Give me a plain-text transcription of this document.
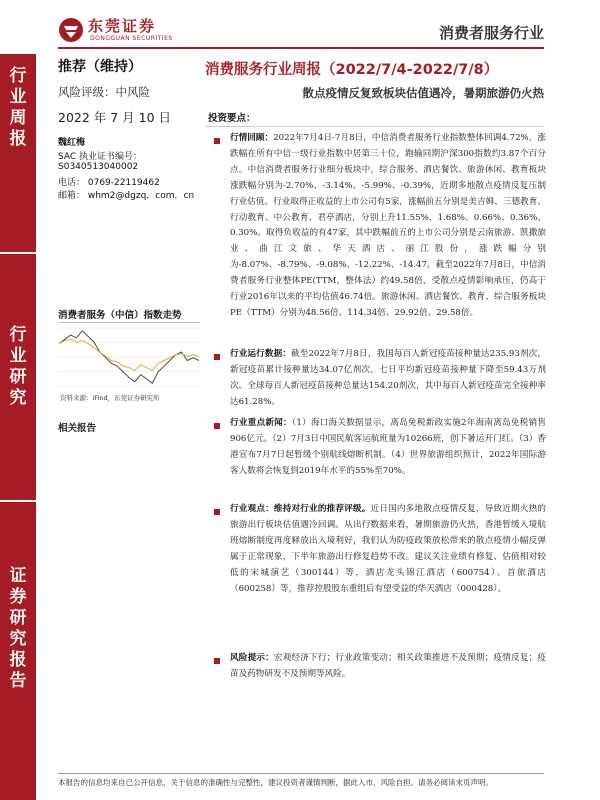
东莞证券
DONGGUAN SECURITIES	消费者服务行业
行业周报
行业研究
证券研究报告
推荐（维持）
风险评级：中风险
2022 年 7 月 10 日
魏红梅
SAC 执业证书编号：
S0340513040002
电话： 0769-22119462
邮箱： whm2@dgzq．com．cn
消费者服务（中信）指数走势
资料来源：iFind，东莞证券研究所
相关报告
消费服务行业周报（2022/7/4-2022/7/8）
散点疫情反复致板块估值遇冷，暑期旅游仍火热
投资要点：
行情回顾：2022年7月4日-7月8日，中信消费者服务行业指数整体回调4.72%，涨跌幅在所有中信一级行业指数中居第三十位，跑输同期沪深300指数约3.87个百分点。中信消费者服务行业细分板块中，综合服务、酒店餐饮、旅游休闲、教育板块涨跌幅分别为-2.70%、-3.14%、-5.99%、-0.39%，近期多地散点疫情反复压制行业估值。行业取得正收益的上市公司有5家，涨幅前五分别是美吉姆、三德教育、行动教育、中公教育、君亭酒店，分别上升11.55%、1.68%、0.66%、0.36%、0.30%。取得负收益的有47家，其中跌幅前五的上市公司分别是云南旅游、凯撒旅业、曲江文旅、华天酒店、丽江股份，涨跌幅分别为-8.07%、-8.79%、-9.08%、-12.22%、-14.47。截至2022年7月8日，中信消费者服务行业整体PE(TTM，整体法）约49.58倍，受散点疫情影响承压，仍高于行业2016年以来的平均估值46.74倍。旅游休闲、酒店餐饮、教育、综合服务板块PE（TTM）分别为48.56倍、114.34倍、29.92倍、29.58倍。
行业运行数据：截至2022年7月8日，我国每百人新冠疫苗接种量达235.93剂次，新冠疫苗累计接种量达34.07亿剂次，七日平均新冠疫苗接种量下降至59.43万剂次。全球每百人新冠疫苗接种总量达154.20剂次，其中每百人新冠疫苗完全接种率达61.28%。
行业重点新闻：（1）海口海关数据显示，离岛免税新政实施2年海南离岛免税销售906亿元。（2）7月3日中国民航客运航班量为10266班，创下暑运开门红。（3）香港宣布7月7日起暂缓个别航线熔断机制。（4）世界旅游组织预计，2022年国际游客人数将会恢复到2019年水平的55%至70%。
行业观点：维持对行业的推荐评级。近日国内多地散点疫情反复，导致近期火热的旅游出行板块估值遇冷回调。从出行数据来看，暑期旅游仍火热，香港暂缓入境航班熔断制度再度释放出入境利好，我们认为防疫政策放松带来的散点疫情小幅反弹属于正常现象，下半年旅游出行修复趋势不改。建议关注业绩有修复、估值相对较低的宋城演艺（300144）等，酒店龙头锦江酒店（600754）、首旅酒店（600258）等，推荐控股股东重组后有望受益的华天酒店（000428）。
风险提示：宏观经济下行；行业政策变动；相关政策推进不及预期；疫情反复；疫苗及药物研发不及预期等风险。
本报告的信息均来自已公开信息，关于信息的准确性与完整性，建议投资者谨慎判断，据此入市，风险自担。请务必阅读末页声明。
